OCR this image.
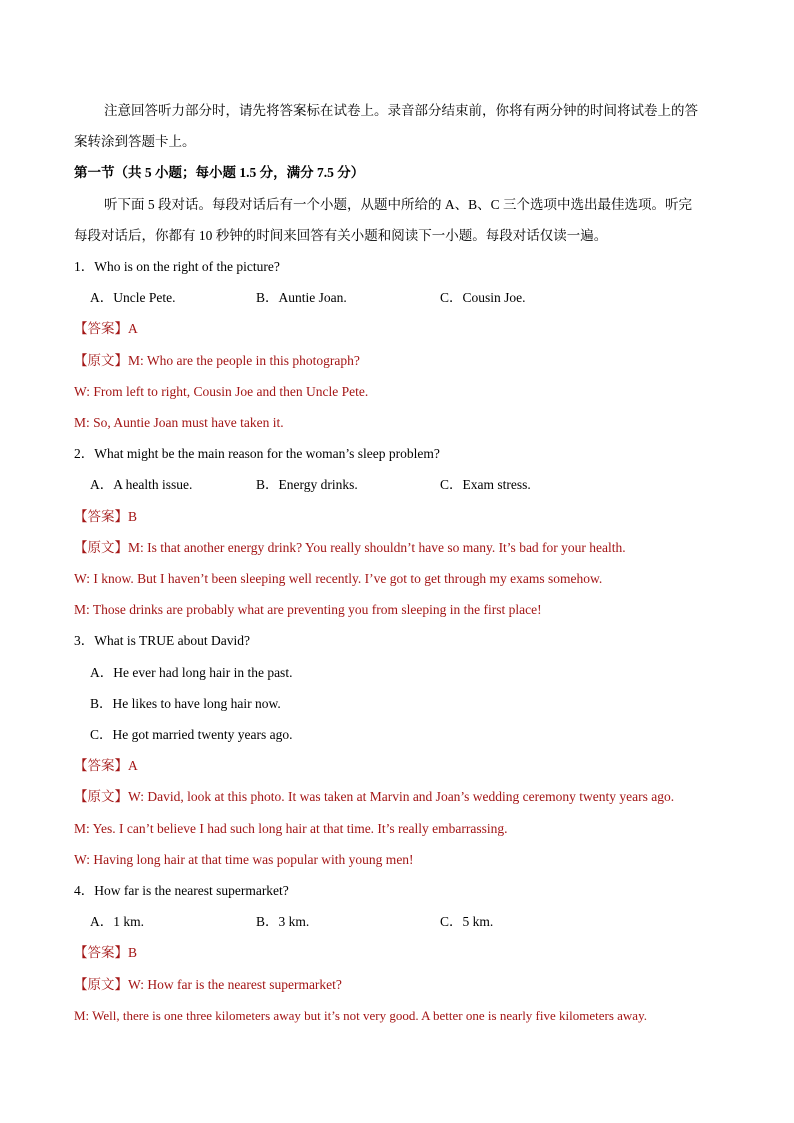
注意回答听力部分时，请先将答案标在试卷上。录音部分结束前，你将有两分钟的时间将试卷上的答
案转涂到答题卡上。
第一节（共 5 小题；每小题 1.5 分，满分 7.5 分）
听下面 5 段对话。每段对话后有一个小题，从题中所给的 A、B、C 三个选项中选出最佳选项。听完
每段对话后，你都有 10 秒钟的时间来回答有关小题和阅读下一小题。每段对话仅读一遍。
1．Who is on the right of the picture?
A．Uncle Pete.	B．Auntie Joan.	C．Cousin Joe.
【答案】A
【原文】M: Who are the people in this photograph?
W: From left to right, Cousin Joe and then Uncle Pete.
M: So, Auntie Joan must have taken it.
2．What might be the main reason for the woman’s sleep problem?
A．A health issue.	B．Energy drinks.	C．Exam stress.
【答案】B
【原文】M: Is that another energy drink? You really shouldn’t have so many. It’s bad for your health.
W: I know. But I haven’t been sleeping well recently. I’ve got to get through my exams somehow.
M: Those drinks are probably what are preventing you from sleeping in the first place!
3．What is TRUE about David?
A．He ever had long hair in the past.
B．He likes to have long hair now.
C．He got married twenty years ago.
【答案】A
【原文】W: David, look at this photo. It was taken at Marvin and Joan’s wedding ceremony twenty years ago.
M: Yes. I can’t believe I had such long hair at that time. It’s really embarrassing.
W: Having long hair at that time was popular with young men!
4．How far is the nearest supermarket?
A．1 km.	B．3 km.	C．5 km.
【答案】B
【原文】W: How far is the nearest supermarket?
M: Well, there is one three kilometers away but it’s not very good. A better one is nearly five kilometers away.
